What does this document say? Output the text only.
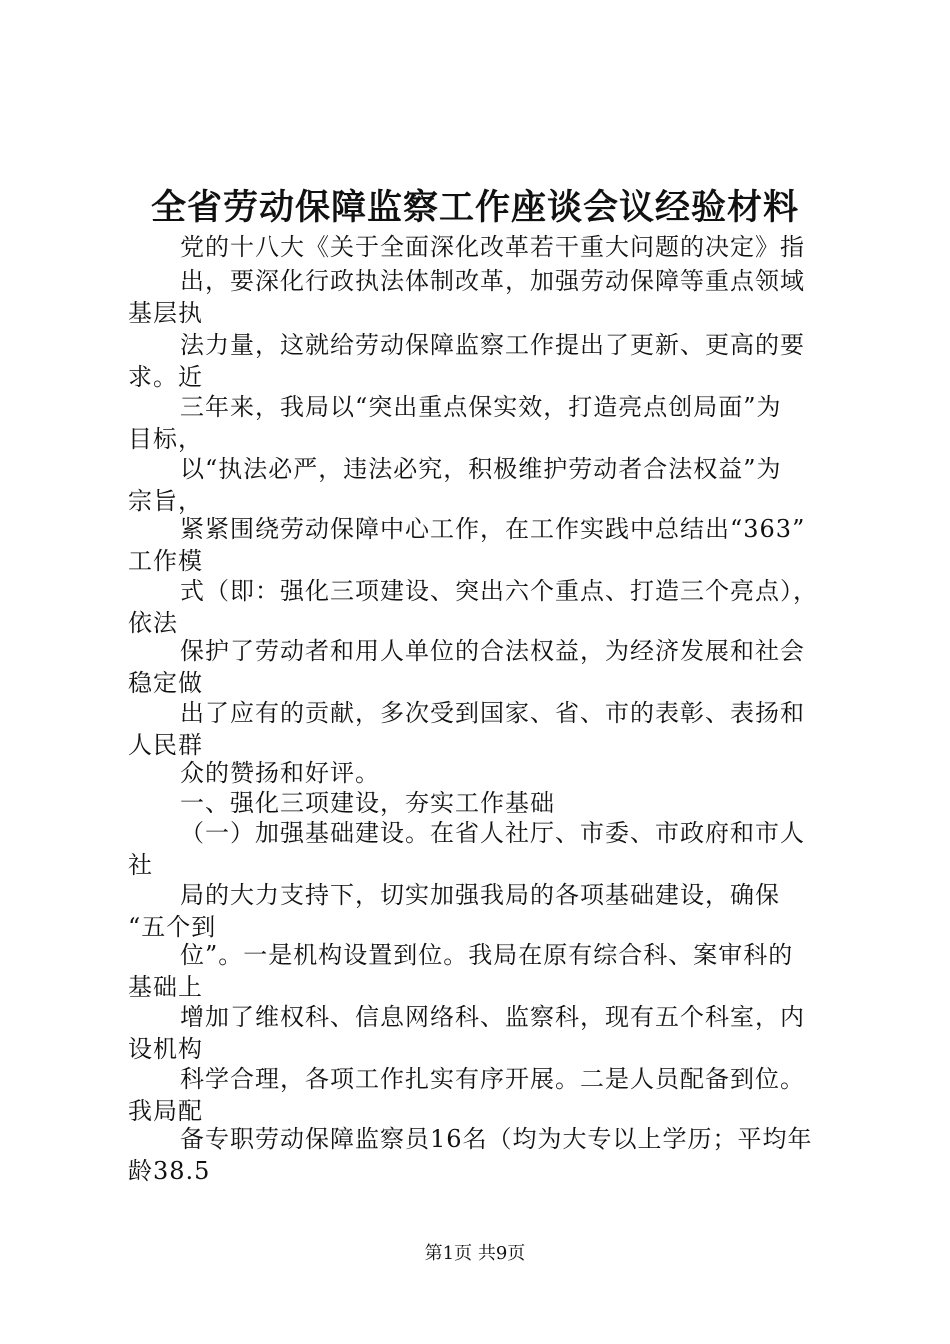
全省劳动保障监察工作座谈会议经验材料
党的十八大《关于全面深化改革若干重大问题的决定》指
出，要深化行政执法体制改革，加强劳动保障等重点领域
基层执
法力量，这就给劳动保障监察工作提出了更新、更高的要
求。近
三年来，我局以“突出重点保实效，打造亮点创局面”为
目标，
以“执法必严，违法必究，积极维护劳动者合法权益”为
宗旨，
紧紧围绕劳动保障中心工作，在工作实践中总结出“363”
工作模
式（即：强化三项建设、突出六个重点、打造三个亮点），
依法
保护了劳动者和用人单位的合法权益，为经济发展和社会
稳定做
出了应有的贡献，多次受到国家、省、市的表彰、表扬和
人民群
众的赞扬和好评。
一、强化三项建设，夯实工作基础
（一）加强基础建设。在省人社厅、市委、市政府和市人
社
局的大力支持下，切实加强我局的各项基础建设，确保
“五个到
位”。一是机构设置到位。我局在原有综合科、案审科的
基础上
增加了维权科、信息网络科、监察科，现有五个科室，内
设机构
科学合理，各项工作扎实有序开展。二是人员配备到位。
我局配
备专职劳动保障监察员16名（均为大专以上学历；平均年
龄38.5
第1页 共9页
